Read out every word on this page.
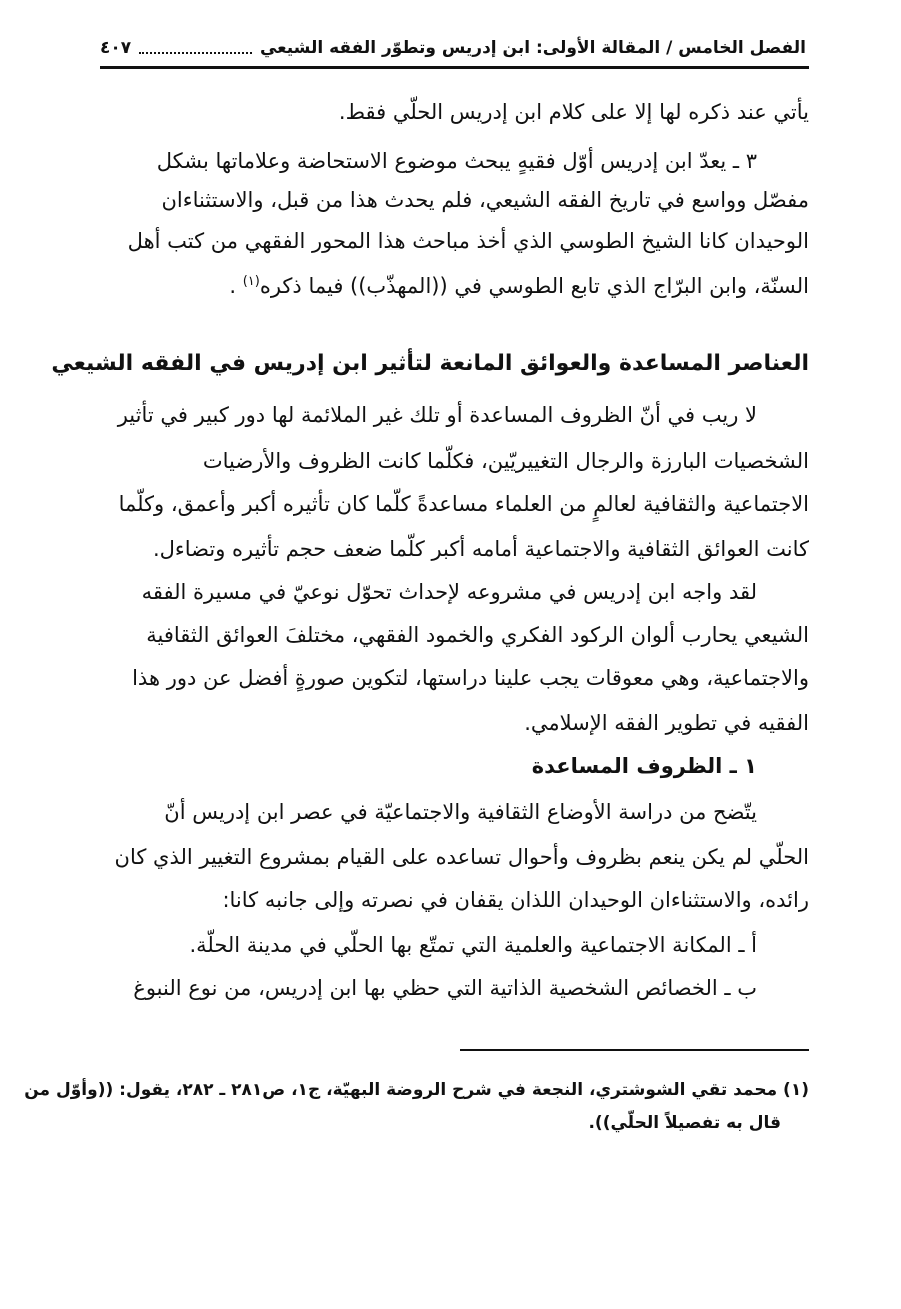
الفصل الخامس / المقالة الأولى: ابن إدريس وتطوّر الفقه الشيعي
٤٠٧
يأتي عند ذكره لها إلا على كلام ابن إدريس الحلّي فقط.
٣ ـ يعدّ ابن إدريس أوّل فقيهٍ يبحث موضوع الاستحاضة وعلاماتها بشكل
مفصّل وواسع في تاريخ الفقه الشيعي، فلم يحدث هذا من قبل، والاستثناءان
الوحيدان كانا الشيخ الطوسي الذي أخذ مباحث هذا المحور الفقهي من كتب أهل
السنّة، وابن البرّاج الذي تابع الطوسي في ((المهذّب)) فيما ذكره$^{(١)}$ .
العناصر المساعدة والعوائق المانعة لتأثير ابن إدريس في الفقه الشيعي
لا ريب في أنّ الظروف المساعدة أو تلك غير الملائمة لها دور كبير في تأثير
الشخصيات البارزة والرجال التغييريّين، فكلّما كانت الظروف والأرضيات
الاجتماعية والثقافية لعالمٍ من العلماء مساعدةً كلّما كان تأثيره أكبر وأعمق، وكلّما
كانت العوائق الثقافية والاجتماعية أمامه أكبر كلّما ضعف حجم تأثيره وتضاءل.
لقد واجه ابن إدريس في مشروعه لإحداث تحوّل نوعيّ في مسيرة الفقه
الشيعي يحارب ألوان الركود الفكري والخمود الفقهي، مختلفَ العوائق الثقافية
والاجتماعية، وهي معوقات يجب علينا دراستها، لتكوين صورةٍ أفضل عن دور هذا
الفقيه في تطوير الفقه الإسلامي.
١ ـ الظروف المساعدة
يتّضح من دراسة الأوضاع الثقافية والاجتماعيّة في عصر ابن إدريس أنّ
الحلّي لم يكن ينعم بظروف وأحوال تساعده على القيام بمشروع التغيير الذي كان
رائده، والاستثناءان الوحيدان اللذان يقفان في نصرته وإلى جانبه كانا:
أ ـ المكانة الاجتماعية والعلمية التي تمتّع بها الحلّي في مدينة الحلّة.
ب ـ الخصائص الشخصية الذاتية التي حظي بها ابن إدريس، من نوع النبوغ
(١) محمد تقي الشوشتري، النجعة في شرح الروضة البهيّة، ج١، ص٢٨١ ـ ٢٨٢، يقول: ((وأوّل من
قال به تفصيلاً الحلّي)).
